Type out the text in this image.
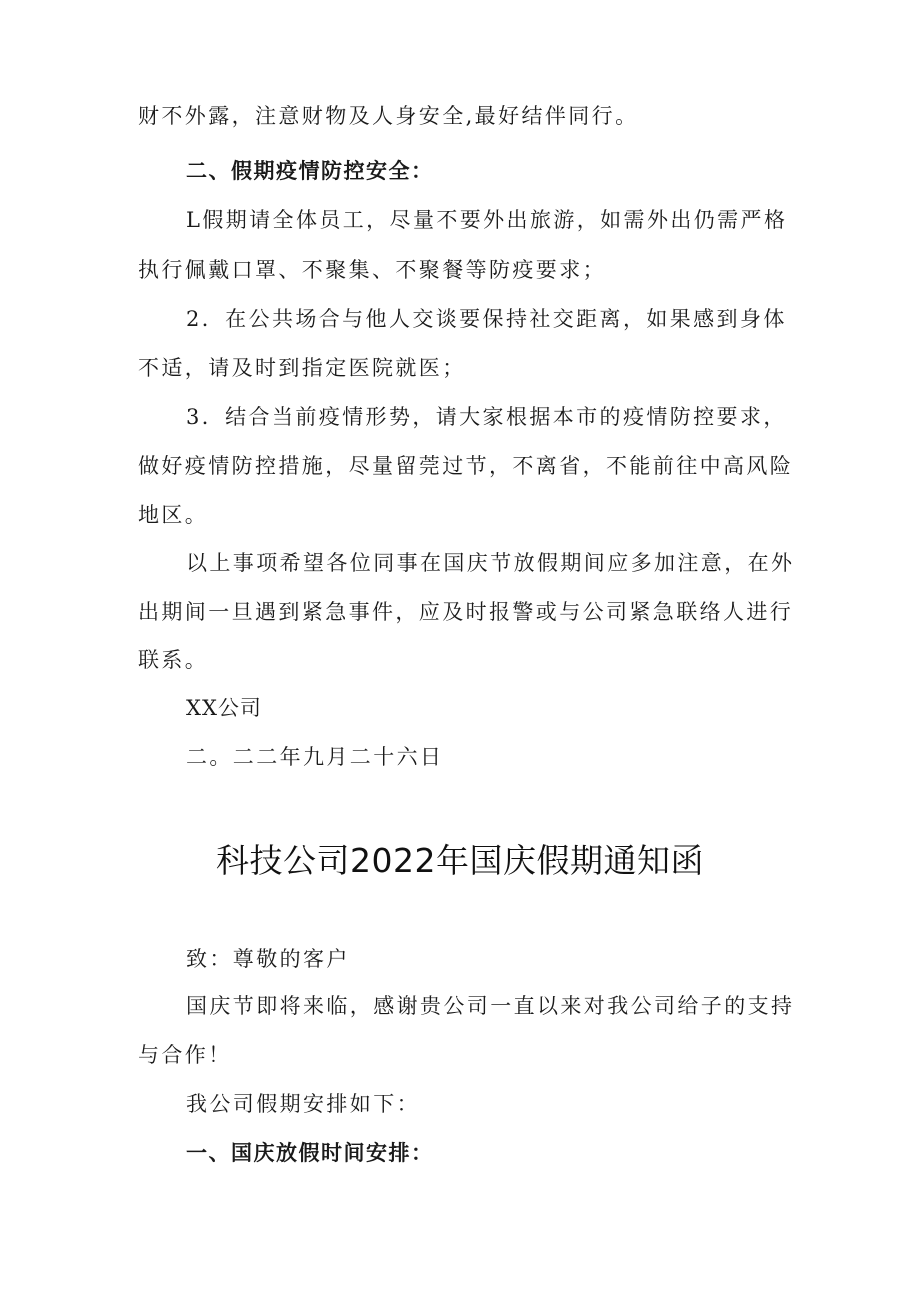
财不外露，注意财物及人身安全,最好结伴同行。
二、假期疫情防控安全：
L假期请全体员工，尽量不要外出旅游，如需外出仍需严格
执行佩戴口罩、不聚集、不聚餐等防疫要求；
2．在公共场合与他人交谈要保持社交距离，如果感到身体
不适，请及时到指定医院就医；
3．结合当前疫情形势，请大家根据本市的疫情防控要求，
做好疫情防控措施，尽量留莞过节，不离省，不能前往中高风险
地区。
以上事项希望各位同事在国庆节放假期间应多加注意，在外
出期间一旦遇到紧急事件，应及时报警或与公司紧急联络人进行
联系。
XX公司
二。二二年九月二十六日
科技公司2022年国庆假期通知函
致：尊敬的客户
国庆节即将来临，感谢贵公司一直以来对我公司给子的支持
与合作！
我公司假期安排如下：
一、国庆放假时间安排：
